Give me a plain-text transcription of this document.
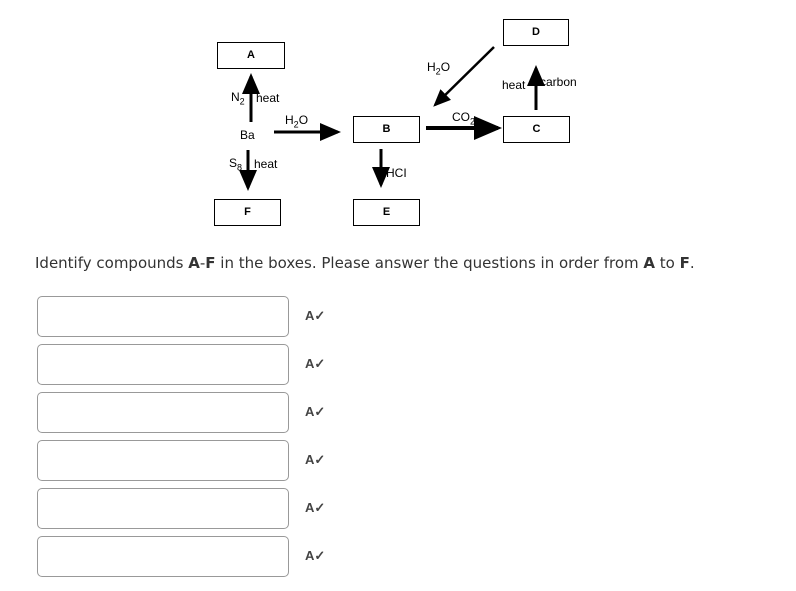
A
B	C
D
E
F
Ba
$N_2$ heat
$S_8$ heat
$H_2O$
HCI
$CO_2$
$H_2O$
heat carbon
Identify compounds A-F in the boxes. Please answer the questions in order from A to F.
A✓
A✓
A✓
A✓
A✓
A✓
